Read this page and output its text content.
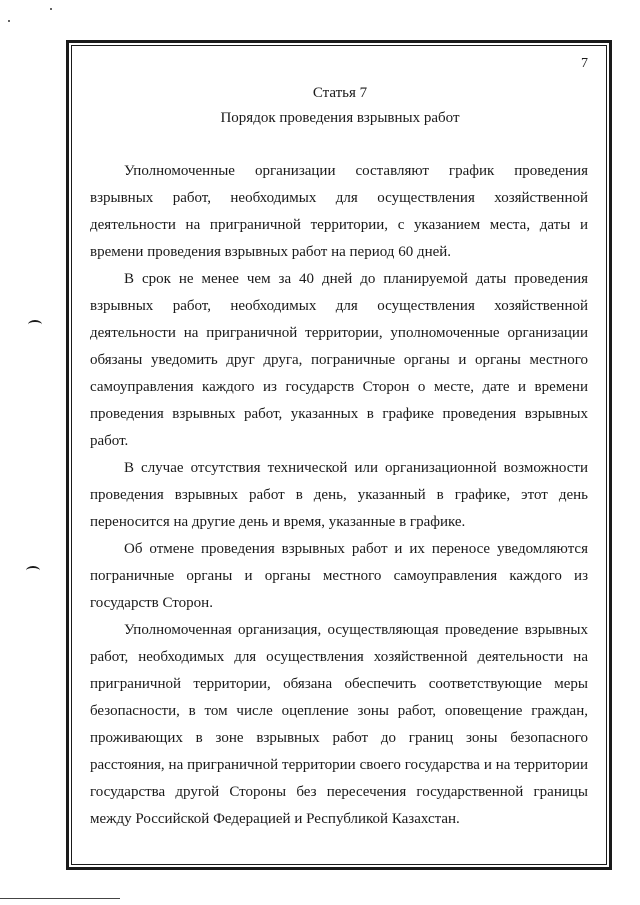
7
Статья 7
Порядок проведения взрывных работ

Уполномоченные организации составляют график проведения взрывных работ, необходимых для осуществления хозяйственной деятельности на приграничной территории, с указанием места, даты и времени проведения взрывных работ на период 60 дней.

В срок не менее чем за 40 дней до планируемой даты проведения взрывных работ, необходимых для осуществления хозяйственной деятельности на приграничной территории, уполномоченные организации обязаны уведомить друг друга, пограничные органы и органы местного самоуправления каждого из государств Сторон о месте, дате и времени проведения взрывных работ, указанных в графике проведения взрывных работ.

В случае отсутствия технической или организационной возможности проведения взрывных работ в день, указанный в графике, этот день переносится на другие день и время, указанные в графике.

Об отмене проведения взрывных работ и их переносе уведомляются пограничные органы и органы местного самоуправления каждого из государств Сторон.

Уполномоченная организация, осуществляющая проведение взрывных работ, необходимых для осуществления хозяйственной деятельности на приграничной территории, обязана обеспечить соответствующие меры безопасности, в том числе оцепление зоны работ, оповещение граждан, проживающих в зоне взрывных работ до границ зоны безопасного расстояния, на приграничной территории своего государства и на территории государства другой Стороны без пересечения государственной границы между Российской Федерацией и Республикой Казахстан.
